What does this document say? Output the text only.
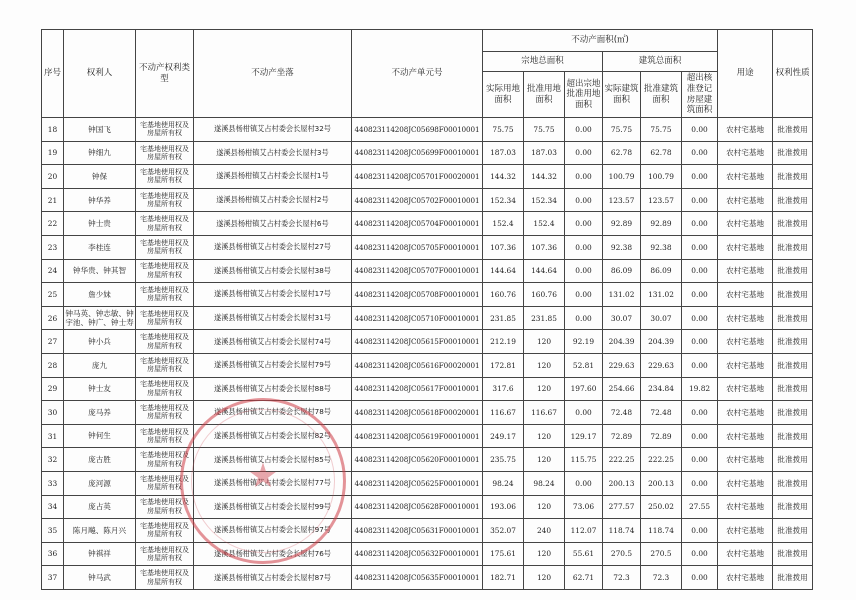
序号	权利人	不动产权利类型	不动产坐落	不动产单元号	不动产面积(㎡)						用途	权利性质
					宗地总面积			建筑总面积				
					实际用地面积	批准用地面积	超出宗地批准用地面积	实际建筑面积	批准建筑面积	超出核准登记房屋建筑面积		
18	钟国飞	宅基地使用权及房屋所有权	遂溪县杨柑镇艾占村委会长屋村32号	440823114208JC05698F00010001	75.75	75.75	0.00	75.75	75.75	0.00	农村宅基地	批准拨用
19	钟细九	宅基地使用权及房屋所有权	遂溪县杨柑镇艾占村委会长屋村3号	440823114208JC05699F00010001	187.03	187.03	0.00	62.78	62.78	0.00	农村宅基地	批准拨用
20	钟保	宅基地使用权及房屋所有权	遂溪县杨柑镇艾占村委会长屋村1号	440823114208JC05701F00020001	144.32	144.32	0.00	100.79	100.79	0.00	农村宅基地	批准拨用
21	钟华养	宅基地使用权及房屋所有权	遂溪县杨柑镇艾占村委会长屋村2号	440823114208JC05702F00010001	152.34	152.34	0.00	123.57	123.57	0.00	农村宅基地	批准拨用
22	钟士贵	宅基地使用权及房屋所有权	遂溪县杨柑镇艾占村委会长屋村6号	440823114208JC05704F00010001	152.4	152.4	0.00	92.89	92.89	0.00	农村宅基地	批准拨用
23	李桂连	宅基地使用权及房屋所有权	遂溪县杨柑镇艾占村委会长屋村27号	440823114208JC05705F00010001	107.36	107.36	0.00	92.38	92.38	0.00	农村宅基地	批准拨用
24	钟华贵、钟其智	宅基地使用权及房屋所有权	遂溪县杨柑镇艾占村委会长屋村38号	440823114208JC05707F00010001	144.64	144.64	0.00	86.09	86.09	0.00	农村宅基地	批准拨用
25	詹少妹	宅基地使用权及房屋所有权	遂溪县杨柑镇艾占村委会长屋村17号	440823114208JC05708F00010001	160.76	160.76	0.00	131.02	131.02	0.00	农村宅基地	批准拨用
26	钟马英、钟志敏、钟宇池、钟广、钟士寿	宅基地使用权及房屋所有权	遂溪县杨柑镇艾占村委会长屋村31号	440823114208JC05710F00010001	231.85	231.85	0.00	30.07	30.07	0.00	农村宅基地	批准拨用
27	钟小兵	宅基地使用权及房屋所有权	遂溪县杨柑镇艾占村委会长屋村74号	440823114208JC05615F00010001	212.19	120	92.19	204.39	204.39	0.00	农村宅基地	批准拨用
28	庞九	宅基地使用权及房屋所有权	遂溪县杨柑镇艾占村委会长屋村79号	440823114208JC05616F00020001	172.81	120	52.81	229.63	229.63	0.00	农村宅基地	批准拨用
29	钟士友	宅基地使用权及房屋所有权	遂溪县杨柑镇艾占村委会长屋村88号	440823114208JC05617F00010001	317.6	120	197.60	254.66	234.84	19.82	农村宅基地	批准拨用
30	庞马养	宅基地使用权及房屋所有权	遂溪县杨柑镇艾占村委会长屋村78号	440823114208JC05618F00020001	116.67	116.67	0.00	72.48	72.48	0.00	农村宅基地	批准拨用
31	钟何生	宅基地使用权及房屋所有权	遂溪县杨柑镇艾占村委会长屋村82号	440823114208JC05619F00010001	249.17	120	129.17	72.89	72.89	0.00	农村宅基地	批准拨用
32	庞古胜	宅基地使用权及房屋所有权	遂溪县杨柑镇艾占村委会长屋村85号	440823114208JC05620F00010001	235.75	120	115.75	222.25	222.25	0.00	农村宅基地	批准拨用
33	庞河源	宅基地使用权及房屋所有权	遂溪县杨柑镇艾占村委会长屋村77号	440823114208JC05625F00010001	98.24	98.24	0.00	200.13	200.13	0.00	农村宅基地	批准拨用
34	庞占英	宅基地使用权及房屋所有权	遂溪县杨柑镇艾占村委会长屋村99号	440823114208JC05628F00010001	193.06	120	73.06	277.57	250.02	27.55	农村宅基地	批准拨用
35	陈月飚、陈月兴	宅基地使用权及房屋所有权	遂溪县杨柑镇艾占村委会长屋村97号	440823114208JC05631F00010001	352.07	240	112.07	118.74	118.74	0.00	农村宅基地	批准拨用
36	钟祺祥	宅基地使用权及房屋所有权	遂溪县杨柑镇艾占村委会长屋村76号	440823114208JC05632F00010001	175.61	120	55.61	270.5	270.5	0.00	农村宅基地	批准拨用
37	钟马武	宅基地使用权及房屋所有权	遂溪县杨柑镇艾占村委会长屋村87号	440823114208JC05635F00010001	182.71	120	62.71	72.3	72.3	0.00	农村宅基地	批准拨用
★
